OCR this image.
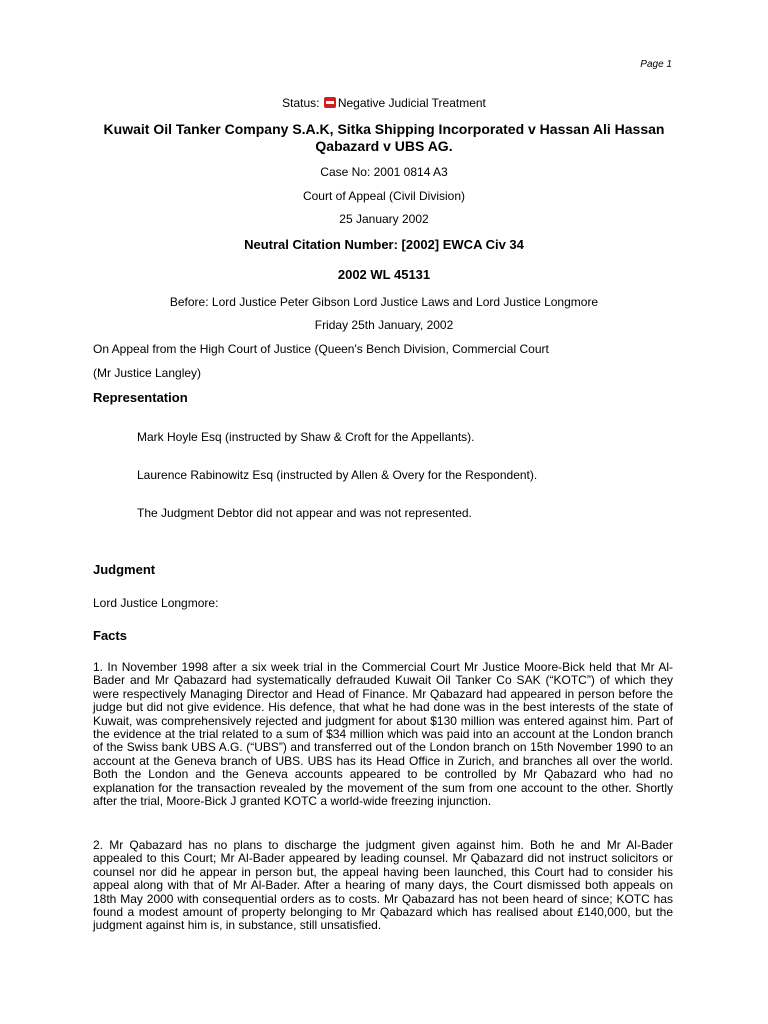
Page 1
Status: Negative Judicial Treatment
Kuwait Oil Tanker Company S.A.K, Sitka Shipping Incorporated v Hassan Ali Hassan Qabazard v UBS AG.
Case No: 2001 0814 A3
Court of Appeal (Civil Division)
25 January 2002
Neutral Citation Number: [2002] EWCA Civ 34
2002 WL 45131
Before: Lord Justice Peter Gibson Lord Justice Laws and Lord Justice Longmore
Friday 25th January, 2002
On Appeal from the High Court of Justice (Queen's Bench Division, Commercial Court
(Mr Justice Langley)
Representation
Mark Hoyle Esq (instructed by Shaw & Croft for the Appellants).
Laurence Rabinowitz Esq (instructed by Allen & Overy for the Respondent).
The Judgment Debtor did not appear and was not represented.
Judgment
Lord Justice Longmore:
Facts

1. In November 1998 after a six week trial in the Commercial Court Mr Justice Moore-Bick held that Mr Al-Bader and Mr Qabazard had systematically defrauded Kuwait Oil Tanker Co SAK (“KOTC”) of which they were respectively Managing Director and Head of Finance. Mr Qabazard had appeared in person before the judge but did not give evidence. His defence, that what he had done was in the best interests of the state of Kuwait, was comprehensively rejected and judgment for about $130 million was entered against him. Part of the evidence at the trial related to a sum of $34 million which was paid into an account at the London branch of the Swiss bank UBS A.G. (“UBS”) and transferred out of the London branch on 15th November 1990 to an account at the Geneva branch of UBS. UBS has its Head Office in Zurich, and branches all over the world. Both the London and the Geneva accounts appeared to be controlled by Mr Qabazard who had no explanation for the transaction revealed by the movement of the sum from one account to the other. Shortly after the trial, Moore-Bick J granted KOTC a world-wide freezing injunction.

2. Mr Qabazard has no plans to discharge the judgment given against him. Both he and Mr Al-Bader appealed to this Court; Mr Al-Bader appeared by leading counsel. Mr Qabazard did not instruct solicitors or counsel nor did he appear in person but, the appeal having been launched, this Court had to consider his appeal along with that of Mr Al-Bader. After a hearing of many days, the Court dismissed both appeals on 18th May 2000 with consequential orders as to costs. Mr Qabazard has not been heard of since; KOTC has found a modest amount of property belonging to Mr Qabazard which has realised about £140,000, but the judgment against him is, in substance, still unsatisfied.
